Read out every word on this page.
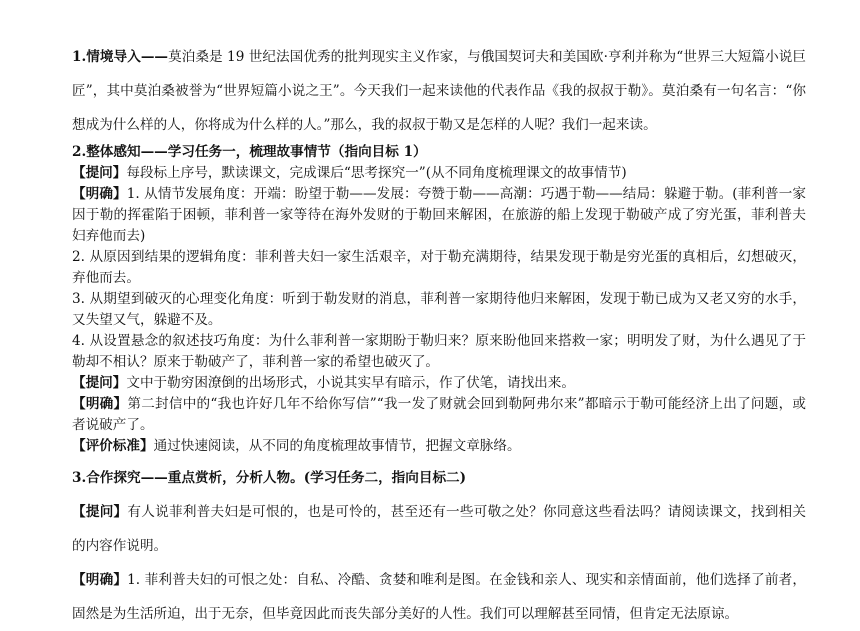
1.情境导入——莫泊桑是 19 世纪法国优秀的批判现实主义作家，与俄国契诃夫和美国欧·亨利并称为“世界三大短篇小说巨匠”，其中莫泊桑被誉为“世界短篇小说之王”。今天我们一起来读他的代表作品《我的叔叔于勒》。莫泊桑有一句名言：“你想成为什么样的人，你将成为什么样的人。”那么，我的叔叔于勒又是怎样的人呢？我们一起来读。

2.整体感知——学习任务一，梳理故事情节（指向目标 1）

【提问】每段标上序号，默读课文，完成课后“思考探究一”(从不同角度梳理课文的故事情节)

【明确】1. 从情节发展角度：开端：盼望于勒——发展：夸赞于勒——高潮：巧遇于勒——结局：躲避于勒。(菲利普一家因于勒的挥霍陷于困顿，菲利普一家等待在海外发财的于勒回来解困，在旅游的船上发现于勒破产成了穷光蛋，菲利普夫妇弃他而去)

2. 从原因到结果的逻辑角度：菲利普夫妇一家生活艰辛，对于勒充满期待，结果发现于勒是穷光蛋的真相后，幻想破灭，弃他而去。

3. 从期望到破灭的心理变化角度：听到于勒发财的消息，菲利普一家期待他归来解困，发现于勒已成为又老又穷的水手，又失望又气，躲避不及。

4. 从设置悬念的叙述技巧角度：为什么菲利普一家期盼于勒归来？原来盼他回来搭救一家；明明发了财，为什么遇见了于勒却不相认？原来于勒破产了，菲利普一家的希望也破灭了。

【提问】文中于勒穷困潦倒的出场形式，小说其实早有暗示，作了伏笔，请找出来。

【明确】第二封信中的“我也许好几年不给你写信”“我一发了财就会回到勒阿弗尔来”都暗示于勒可能经济上出了问题，或者说破产了。

【评价标准】通过快速阅读，从不同的角度梳理故事情节，把握文章脉络。

3.合作探究——重点赏析，分析人物。(学习任务二，指向目标二)

【提问】有人说菲利普夫妇是可恨的，也是可怜的，甚至还有一些可敬之处？你同意这些看法吗？请阅读课文，找到相关的内容作说明。

【明确】1. 菲利普夫妇的可恨之处：自私、冷酷、贪婪和唯利是图。在金钱和亲人、现实和亲情面前，他们选择了前者，固然是为生活所迫，出于无奈，但毕竟因此而丧失部分美好的人性。我们可以理解甚至同情，但肯定无法原谅。
